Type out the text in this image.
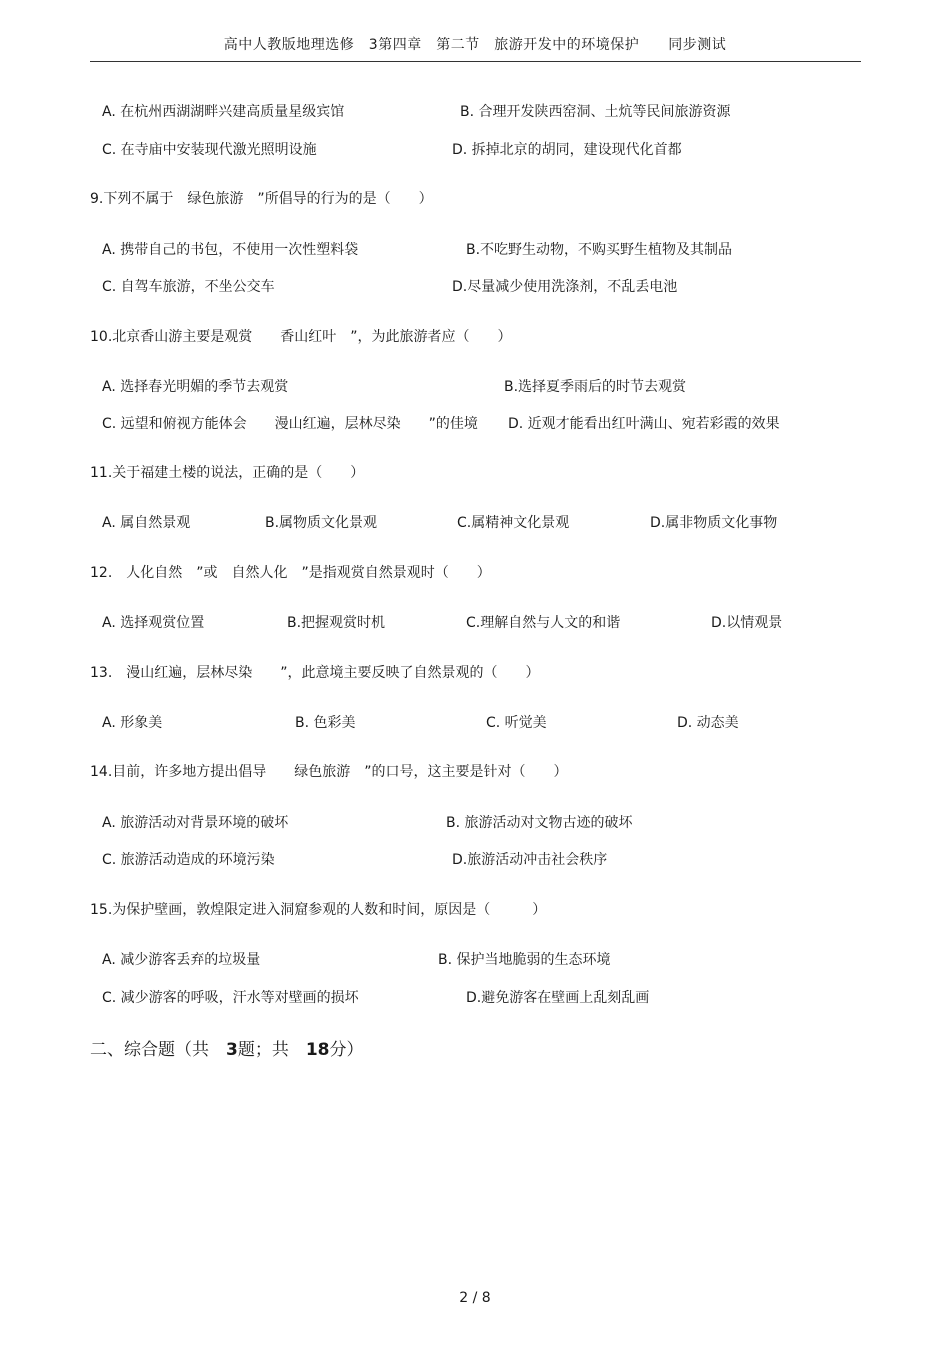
高中人教版地理选修　3第四章　第二节　旅游开发中的环境保护　　同步测试
A. 在杭州西湖湖畔兴建高质量星级宾馆	B. 合理开发陕西窑洞、土炕等民间旅游资源
C. 在寺庙中安装现代激光照明设施	D. 拆掉北京的胡同，建设现代化首都
9.下列不属于　绿色旅游　”所倡导的行为的是（　　）
A. 携带自己的书包，不使用一次性塑料袋	B.不吃野生动物，不购买野生植物及其制品
C. 自驾车旅游，不坐公交车	D.尽量减少使用洗涤剂，不乱丢电池
10.北京香山游主要是观赏　　香山红叶　”，为此旅游者应（　　）
A. 选择春光明媚的季节去观赏	B.选择夏季雨后的时节去观赏
C. 远望和俯视方能体会　　漫山红遍，层林尽染　　”的佳境 D. 近观才能看出红叶满山、宛若彩霞的效果
11.关于福建土楼的说法，正确的是（　　）
A. 属自然景观	B.属物质文化景观	C.属精神文化景观	D.属非物质文化事物
12.　人化自然　”或　自然人化　”是指观赏自然景观时（　　）
A. 选择观赏位置	B.把握观赏时机	C.理解自然与人文的和谐	D.以情观景
13.　漫山红遍，层林尽染　　”，此意境主要反映了自然景观的（　　）
A. 形象美	B. 色彩美	C. 听觉美	D. 动态美
14.目前，许多地方提出倡导　　绿色旅游　”的口号，这主要是针对（　　）
A. 旅游活动对背景环境的破坏	B. 旅游活动对文物古迹的破坏
C. 旅游活动造成的环境污染	D.旅游活动冲击社会秩序
15.为保护壁画，敦煌限定进入洞窟参观的人数和时间，原因是（　　　）
A. 减少游客丢弃的垃圾量	B. 保护当地脆弱的生态环境
C. 减少游客的呼吸，汗水等对壁画的损坏	D.避免游客在壁画上乱刻乱画
二、综合题（共　3题；共　18分）
2 / 8
